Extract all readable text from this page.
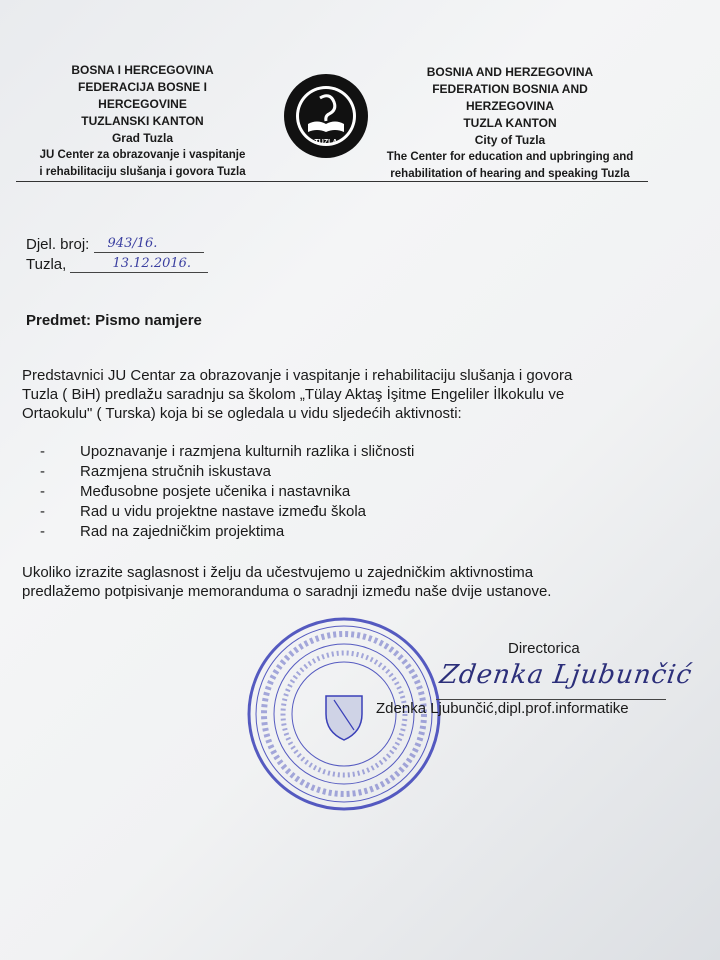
BOSNA I HERCEGOVINA
FEDERACIJA BOSNE I
HERCEGOVINE
TUZLANSKI KANTON
Grad Tuzla
JU Center za obrazovanje i vaspitanje
i rehabilitaciju slušanja i govora Tuzla
TUZLA
BOSNIA AND HERZEGOVINA
FEDERATION BOSNIA AND
HERZEGOVINA
TUZLA KANTON
City of Tuzla
The Center for education and upbringing and
rehabilitation of hearing and speaking Tuzla
Djel. broj: 943/16.
Tuzla,	13.12.2016.
Predmet: Pismo namjere
Predstavnici JU Centar za obrazovanje i vaspitanje i rehabilitaciju slušanja i govora
Tuzla ( BiH) predlažu saradnju sa školom „Tülay Aktaş İşitme Engeliler İlkokulu ve
Ortaokulu" ( Turska) koja bi se ogledala u vidu sljedećih aktivnosti:
- Upoznavanje i razmjena kulturnih razlika i sličnosti
- Razmjena stručnih iskustava
- Međusobne posjete učenika i nastavnika
- Rad u vidu projektne nastave između škola
- Rad na zajedničkim projektima
Ukoliko izrazite saglasnost i želju da učestvujemo u zajedničkim aktivnostima
predlažemo potpisivanje memoranduma o saradnji između naše dvije ustanove.
Directorica
Zdenka Ljubunčić
Zdenka Ljubunčić,dipl.prof.informatike
